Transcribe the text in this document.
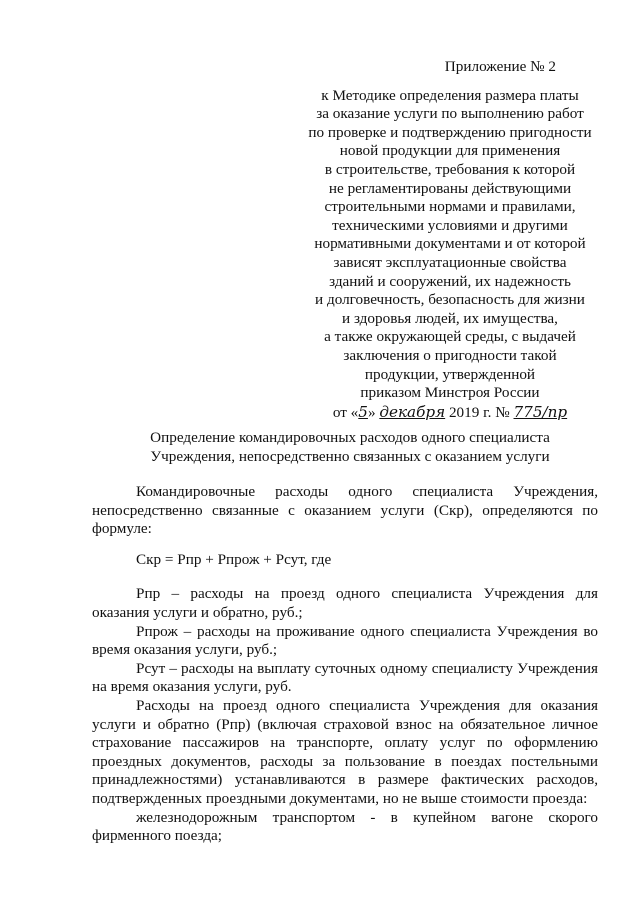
Приложение № 2
к Методике определения размера платы
за оказание услуги по выполнению работ
по проверке и подтверждению пригодности
новой продукции для применения
в строительстве, требования к которой
не регламентированы действующими
строительными нормами и правилами,
техническими условиями и другими
нормативными документами и от которой
зависят эксплуатационные свойства
зданий и сооружений, их надежность
и долговечность, безопасность для жизни
и здоровья людей, их имущества,
а также окружающей среды, с выдачей
заключения о пригодности такой
продукции, утвержденной
приказом Минстроя России
от «5» декабря 2019 г. № 775/пр
Определение командировочных расходов одного специалиста
Учреждения, непосредственно связанных с оказанием услуги

Командировочные расходы одного специалиста Учреждения, непосредственно связанные с оказанием услуги (Скр), определяются по формуле:

Скр = Рпр + Рпрож + Рсут, где

Рпр – расходы на проезд одного специалиста Учреждения для оказания услуги и обратно, руб.;

Рпрож – расходы на проживание одного специалиста Учреждения во время оказания услуги, руб.;

Рсут – расходы на выплату суточных одному специалисту Учреждения на время оказания услуги, руб.

Расходы на проезд одного специалиста Учреждения для оказания услуги и обратно (Рпр) (включая страховой взнос на обязательное личное страхование пассажиров на транспорте, оплату услуг по оформлению проездных документов, расходы за пользование в поездах постельными принадлежностями) устанавливаются в размере фактических расходов, подтвержденных проездными документами, но не выше стоимости проезда:

железнодорожным транспортом - в купейном вагоне скорого

фирменного поезда;
